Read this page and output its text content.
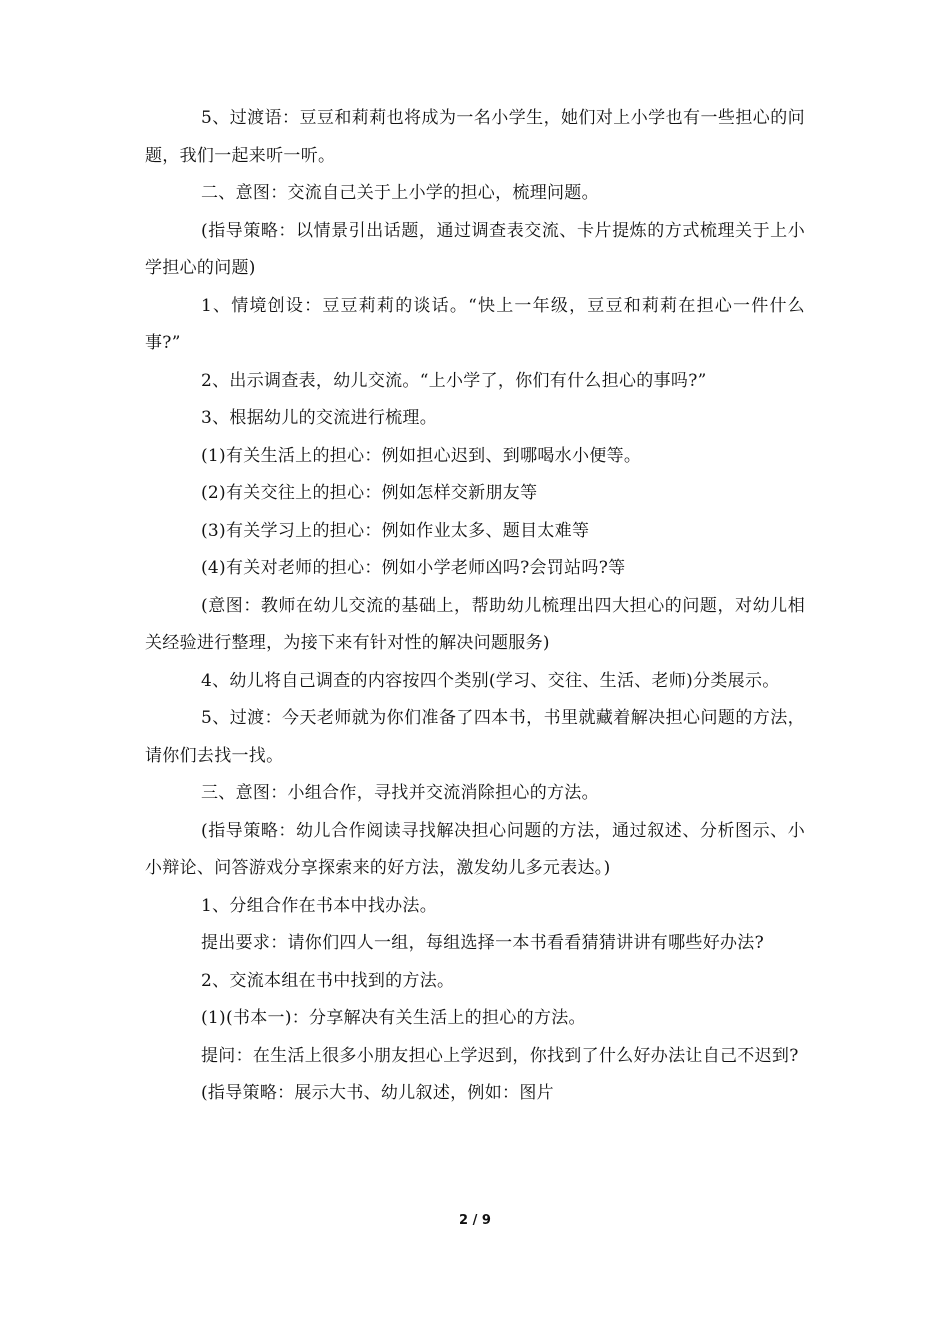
5、过渡语：豆豆和莉莉也将成为一名小学生，她们对上小学也有一些担心的问题，我们一起来听一听。

二、意图：交流自己关于上小学的担心，梳理问题。

(指导策略：以情景引出话题，通过调查表交流、卡片提炼的方式梳理关于上小学担心的问题)

1、情境创设：豆豆莉莉的谈话。“快上一年级，豆豆和莉莉在担心一件什么事?”

2、出示调查表，幼儿交流。“上小学了，你们有什么担心的事吗?”

3、根据幼儿的交流进行梳理。

(1)有关生活上的担心：例如担心迟到、到哪喝水小便等。

(2)有关交往上的担心：例如怎样交新朋友等

(3)有关学习上的担心：例如作业太多、题目太难等

(4)有关对老师的担心：例如小学老师凶吗?会罚站吗?等

(意图：教师在幼儿交流的基础上，帮助幼儿梳理出四大担心的问题，对幼儿相关经验进行整理，为接下来有针对性的解决问题服务)

4、幼儿将自己调查的内容按四个类别(学习、交往、生活、老师)分类展示。

5、过渡：今天老师就为你们准备了四本书，书里就藏着解决担心问题的方法，请你们去找一找。

三、意图：小组合作，寻找并交流消除担心的方法。

(指导策略：幼儿合作阅读寻找解决担心问题的方法，通过叙述、分析图示、小小辩论、问答游戏分享探索来的好方法，激发幼儿多元表达。)

1、分组合作在书本中找办法。

提出要求：请你们四人一组，每组选择一本书看看猜猜讲讲有哪些好办法?

2、交流本组在书中找到的方法。

(1)(书本一)：分享解决有关生活上的担心的方法。

提问：在生活上很多小朋友担心上学迟到，你找到了什么好办法让自己不迟到?

(指导策略：展示大书、幼儿叙述，例如：图片

2 / 9
